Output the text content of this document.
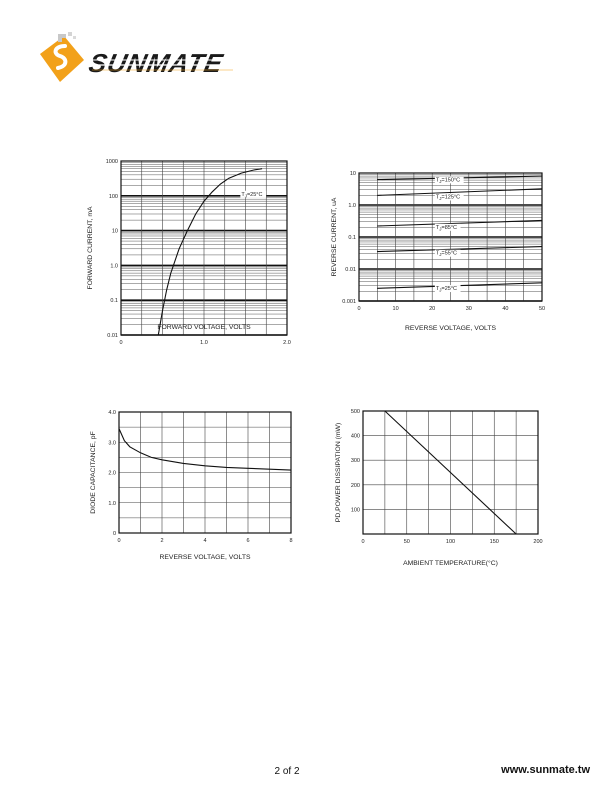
SUNMATE
0	1.0	2.0
0.01
0.1
1.0
10
100
1000
FORWARD VOLTAGE, VOLTS
FORWARD CURRENT, mA
$T_J=25^\circ C$
0	10	20	30	40	50
0.001
0.01
0.1
1.0
10
REVERSE VOLTAGE, VOLTS
REVERSE CURRENT, uA
$T_J=150^\circ C$
$T_J=125^\circ C$
$T_J=85^\circ C$
$T_J=55^\circ C$
$T_J=25^\circ C$
0	2	4	6	8
0
1.0
2.0
3.0
4.0
REVERSE VOLTAGE, VOLTS
DIODE CAPACITANCE, pF
0	50	100	150	200
100
200
300
400
500
AMBIENT TEMPERATURE(°C)
PD,POWER DISSIPATION (mW)
2 of 2	www.sunmate.tw
